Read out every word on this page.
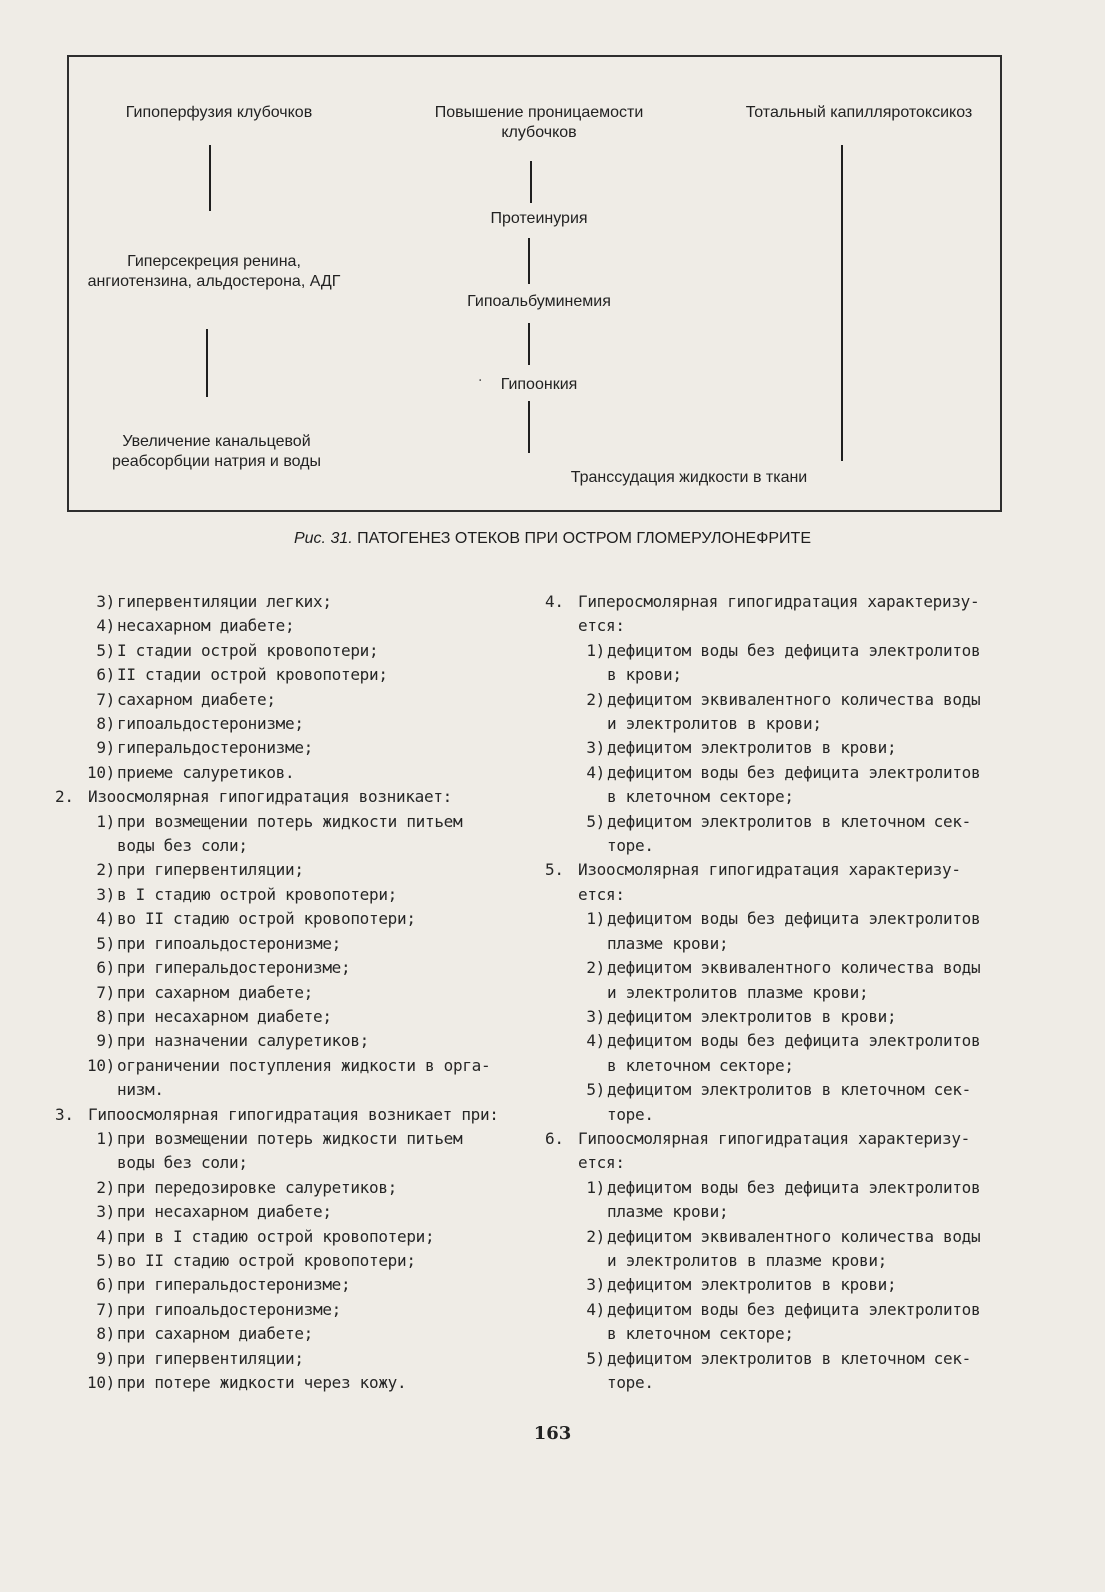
Гипоперфузия клубочков	Повышение проницаемости
клубочков
Тотальный капилляротоксикоз
Протеинурия
Гиперсекреция ренина,
ангиотензина, альдостерона, АДГ
Гипоальбуминемия
·	Гипоонкия
Увеличение канальцевой
реабсорбции натрия и воды
Транссудация жидкости в ткани
Рис. 31. ПАТОГЕНЕЗ ОТЕКОВ ПРИ ОСТРОМ ГЛОМЕРУЛОНЕФРИТЕ
3) гипервентиляции легких;
4) несахарном диабете;
5) I стадии острой кровопотери;
6) II стадии острой кровопотери;
7) сахарном диабете;
8) гипоальдостеронизме;
9) гиперальдостеронизме;
10) приеме салуретиков.
2. Изоосмолярная гипогидратация возникает:
1) при возмещении потерь жидкости питьем
воды без соли;
2) при гипервентиляции;
3) в I стадию острой кровопотери;
4) во II стадию острой кровопотери;
5) при гипоальдостеронизме;
6) при гиперальдостеронизме;
7) при сахарном диабете;
8) при несахарном диабете;
9) при назначении салуретиков;
10) ограничении поступления жидкости в орга-
низм.
3. Гипоосмолярная гипогидратация возникает при:
1) при возмещении потерь жидкости питьем
воды без соли;
2) при передозировке салуретиков;
3) при несахарном диабете;
4) при в I стадию острой кровопотери;
5) во II стадию острой кровопотери;
6) при гиперальдостеронизме;
7) при гипоальдостеронизме;
8) при сахарном диабете;
9) при гипервентиляции;
10) при потере жидкости через кожу.
4. Гиперосмолярная гипогидратация характеризу-
ется:
1) дефицитом воды без дефицита электролитов
в крови;
2) дефицитом эквивалентного количества воды
и электролитов в крови;
3) дефицитом электролитов в крови;
4) дефицитом воды без дефицита электролитов
в клеточном секторе;
5) дефицитом электролитов в клеточном сек-
торе.
5. Изоосмолярная гипогидратация характеризу-
ется:
1) дефицитом воды без дефицита электролитов
плазме крови;
2) дефицитом эквивалентного количества воды
и электролитов плазме крови;
3) дефицитом электролитов в крови;
4) дефицитом воды без дефицита электролитов
в клеточном секторе;
5) дефицитом электролитов в клеточном сек-
торе.
6. Гипоосмолярная гипогидратация характеризу-
ется:
1) дефицитом воды без дефицита электролитов
плазме крови;
2) дефицитом эквивалентного количества воды
и электролитов в плазме крови;
3) дефицитом электролитов в крови;
4) дефицитом воды без дефицита электролитов
в клеточном секторе;
5) дефицитом электролитов в клеточном сек-
торе.
163
